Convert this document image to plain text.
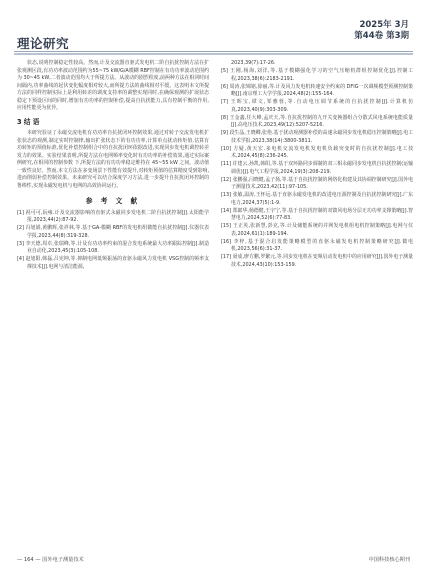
理论研究
2025年 3月
第44卷 第3期

状态,说明控制稳定性较高。然而,计及交流器直驱式发电机二阶自抗扰控制方法在扩张观测区段,有功功率波动范围约为55~75 kW/G/A模糊 RBF控制在有功功率波动范围约为 30~45 kW,二者波动范围均大于所提方法。从波动的剧烈程度,前两种方法在相同时间间隔内,功率曲线的起伏变化幅度相对较大,而所提方法的曲线相对平缓。这表明本文所提方法的同样控制实际上是利用转差的调度支持率的调整实现同时,在确保观测的扩展状态稳定下预设区间的同时,增加有功功率的控制补偿,提高自抗扰能力,具有控制平衡的作用,应用性能更为优异。

3 结 语

本研究验证了永磁交流电机有功功率自抗扰闭环控制效果,通过对转子交流发电机扩张状态的观测,制定实时控制律,输出扩张状态下的有功功率,计算单点扰动转矩值,估算有功转矩的预值标准,优化补偿控制组合中的自抗扰闭环依据改进,实现同步发电机调控转差发力的效果。实验结果表明,所提方法在电网频率变化时有功功率的补偿效果,通过实际案例研究,在相同的控制参数 下,所提方法的有功功率稳定维持在 45~55 kW 之间。波动值一致性良好。然而,本文方法在多变场景下性能有效提升,对转矩预值的估算精度受到影响,进而削弱补偿控制效果。未来研究可以结合深度学习方法,进一步提升自抗扰闭环控制的鲁棒性,实现永磁发电机与电网的高效协同运行。

参 考 文 献

[1] 祝可可,阮雍.计及交流器影响的直驱式永磁同步发电机二阶自抗扰控制[J].太阳能学报,2023,44(2):87-92.

[2] 冯旭娟,黄鹏辉,张祥林,等.基于GA-模糊 RBF的发电机组微能自抗扰控制[J].仪器仪表学报,2023,44(8):319-328.

[3] 李天德,周卓,张瑞峰,等.计及有功功率约束的混合发电系统最大功率跟踪控制[J].制造业自动化,2023,45(3):105-108.

[4] 赵旭阳,韩磊,吕宪坤,等.抑制电网低频振荡的直驱永磁风力发电机 VSG控制的频率支撑技术[J].电网与清洁能源,

2023,39(7):17-26.

[5] 王刚,杨海,刘洋,等.基于模糊强化学习的空气压缩机群组控制优化[J].控制工程,2023,38(6):2183-2191.

[6] 周涛,张锦铭,徐丽,等.计及风力发电机转速安全约束的 DFIG一次调频模型预测控制策略[J].南京理工大学学报,2024,48(2):155-164.

[7] 王晖宝,谭文,邹雅蓉,等.自动电压调节系统的自抗扰控制[J].计算机仿真,2023,40(9):303-309.

[8] 王金鑫,任大峰,孟庆天,等.自抗扰控制的九开关变换器组合分散式风电系统电能质量[J].高电压技术,2023,49(12):5207-5216.

[9] 段生晶,王晓卿,张艳.基于扰动观测器补偿的高速永磁同步发电机稳压控制策略[J].电工技术学报,2023,38(14):3800-3811.

[10] 方疑,黄天宏.多电机交流发电机发电机负载突变时的自抗扰控制[J].电工技术,2024,45(8):236-245.

[11] 许建云,孙凯,韩阳,等.基于双环路同步调制的双三相永磁同步发电机自抗扰控制(运输调优)[J].电气工程学报,2024,19(3):208-219.

[12] 张鹏强,闫晓健,孟子扬,等.基于自抗扰控制的网络化构建及其协调控制研究[J].国外电子测量技术,2023,42(11):97-105.

[13] 张敏,温涛,王怀远.基于直驱永磁发电机的改进电压源控制及自抗扰控制研究[J].广东电力,2024,37(5):1-9.

[14] 郑郎华,杨德健,王宇宁,等.基于自抗扰控制的双馈风电场分层无功功率支撑策略[J].智慧电力,2024,52(6):77-83.

[15] 王正英,张新慧,彭克,等.计及储能系统的并网发电机组电机控制策略[J].电网与仪表,2024,61(1):189-194.

[16] 李梓,基于混合启发能策略模型的直驱永磁发电机控制策略研究[J].微电机,2023,56(6):31-37.

[17] 聂成,廖方鹏,罗繁元,等.同步发电机在变频启动发电机中的应用研究[J].国外电子测量技术,2024,43(10):153-159.

— 164 — 国外电子测量技术	中国科技核心期刊
